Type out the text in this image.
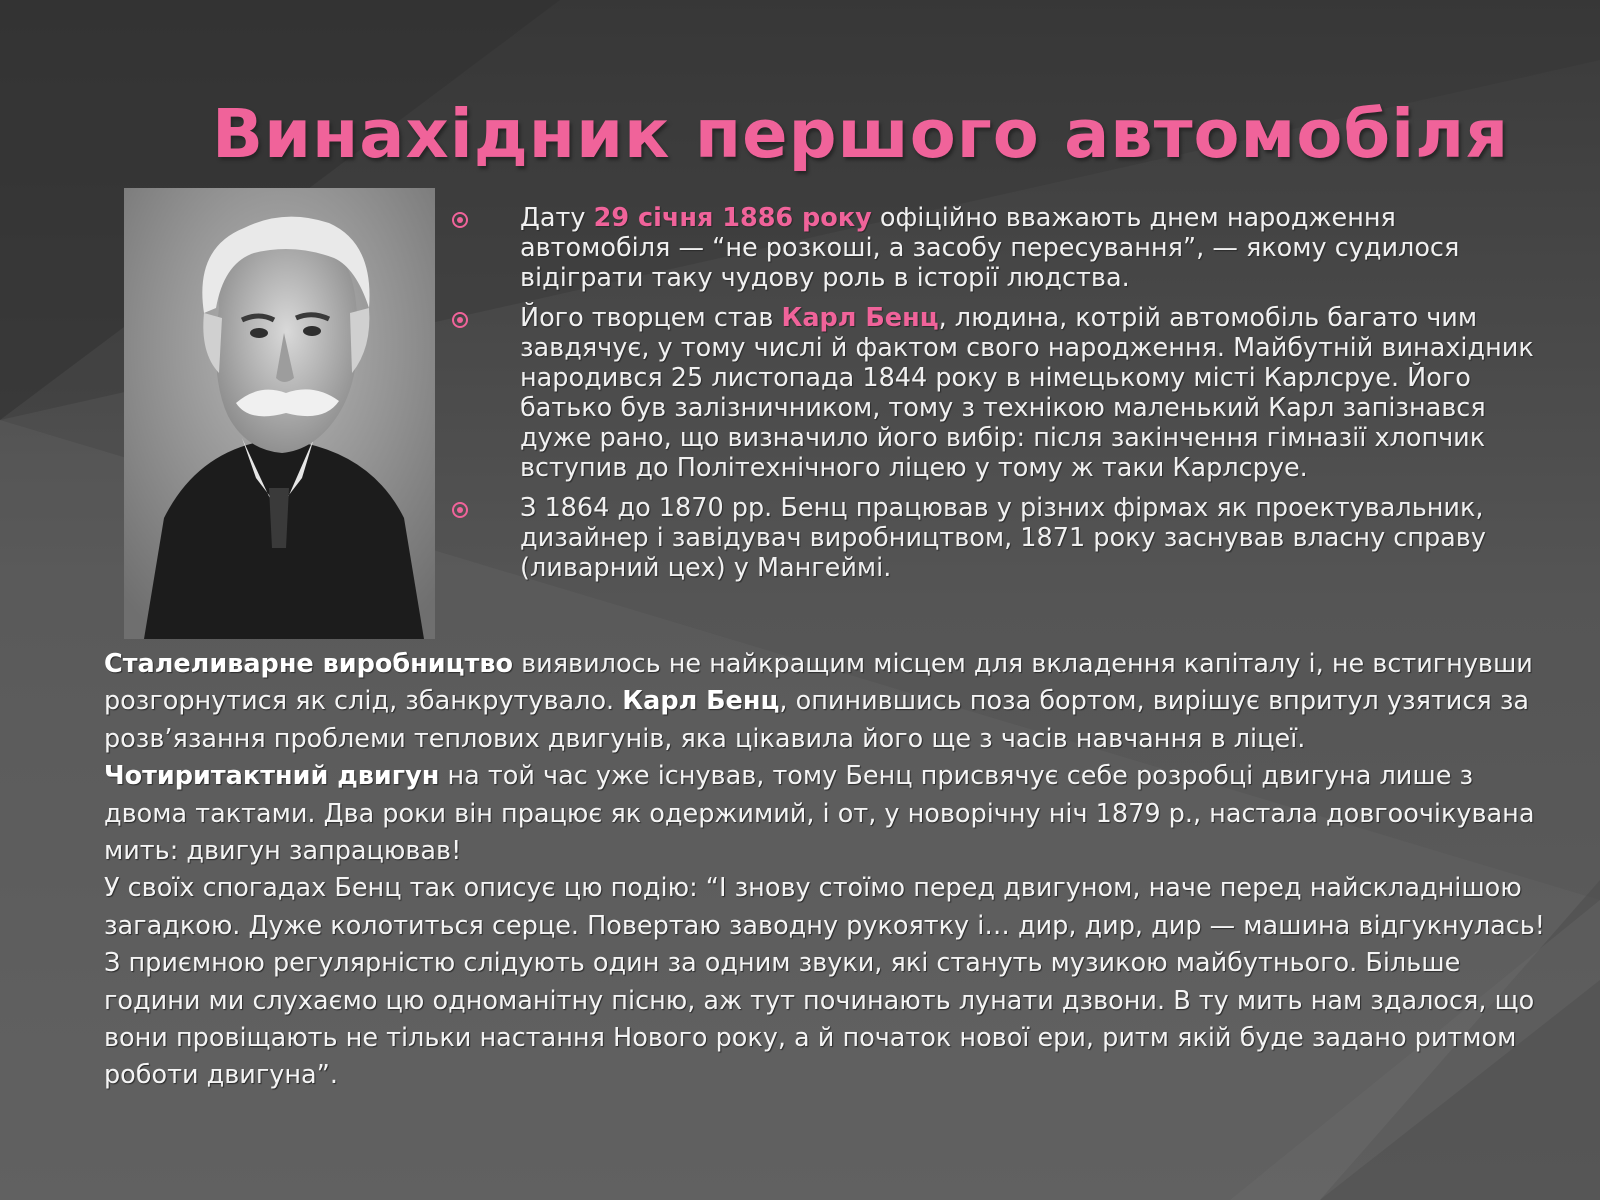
Винахідник першого автомобіля
Дату 29 січня 1886 року офіційно вважають днем народження автомобіля — “не розкоші, а засобу пересування”, — якому судилося відіграти таку чудову роль в історії людства.
Його творцем став Карл Бенц, людина, котрій автомобіль багато чим завдячує, у тому числі й фактом свого народження. Майбутній винахідник народився 25 листопада 1844 року в німецькому місті Карлсруе. Його батько був залізничником, тому з технікою маленький Карл запізнався дуже рано, що визначило його вибір: після закінчення гімназії хлопчик вступив до Політехнічного ліцею у тому ж таки Карлсруе.
З 1864 до 1870 рр. Бенц працював у різних фірмах як проектувальник, дизайнер і завідувач виробництвом, 1871 року заснував власну справу (ливарний цех) у Мангеймі.

Сталеливарне виробництво виявилось не найкращим місцем для вкладення капіталу і, не встигнувши розгорнутися як слід, збанкрутувало. Карл Бенц, опинившись поза бортом, вирішує впритул узятися за розв’язання проблеми теплових двигунів, яка цікавила його ще з часів навчання в ліцеї.

Чотиритактний двигун на той час уже існував, тому Бенц присвячує себе розробці двигуна лише з двома тактами. Два роки він працює як одержимий, і от, у новорічну ніч 1879 р., настала довгоочікувана мить: двигун запрацював!

У своїх спогадах Бенц так описує цю подію: “І знову стоїмо перед двигуном, наче перед найскладнішою загадкою. Дуже колотиться серце. Повертаю заводну рукоятку і… дир, дир, дир — машина відгукнулась! З приємною регулярністю слідують один за одним звуки, які стануть музикою майбутнього. Більше години ми слухаємо цю одноманітну пісню, аж тут починають лунати дзвони. В ту мить нам здалося, що вони провіщають не тільки настання Нового року, а й початок нової ери, ритм якій буде задано ритмом роботи двигуна”.
